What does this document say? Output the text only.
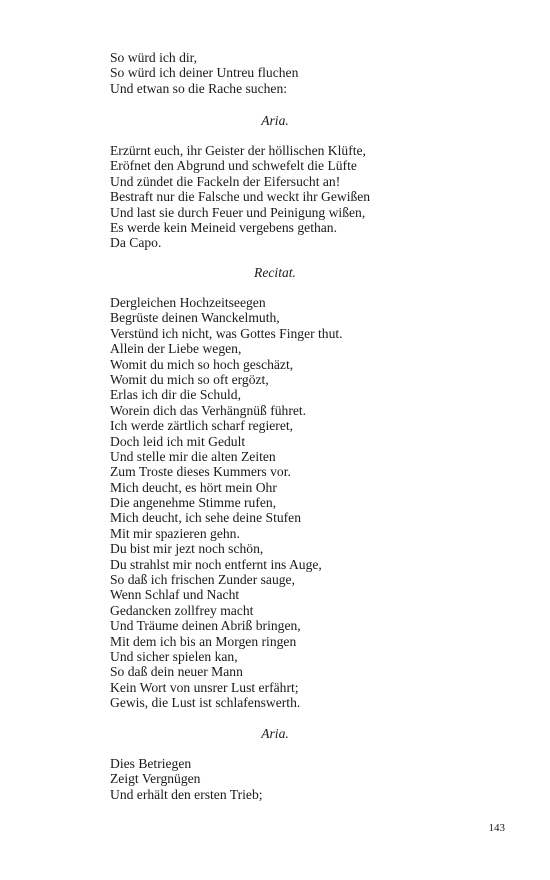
So würd ich dir,
So würd ich deiner Untreu fluchen
Und etwan so die Rache suchen:
Aria.
Erzürnt euch, ihr Geister der höllischen Klüfte,
Eröfnet den Abgrund und schwefelt die Lüfte
Und zündet die Fackeln der Eifersucht an!
Bestraft nur die Falsche und weckt ihr Gewißen
Und last sie durch Feuer und Peinigung wißen,
Es werde kein Meineid vergebens gethan.
Da Capo.
Recitat.
Dergleichen Hochzeitseegen
Begrüste deinen Wanckelmuth,
Verstünd ich nicht, was Gottes Finger thut.
Allein der Liebe wegen,
Womit du mich so hoch geschäzt,
Womit du mich so oft ergözt,
Erlas ich dir die Schuld,
Worein dich das Verhängnüß führet.
Ich werde zärtlich scharf regieret,
Doch leid ich mit Gedult
Und stelle mir die alten Zeiten
Zum Troste dieses Kummers vor.
Mich deucht, es hört mein Ohr
Die angenehme Stimme rufen,
Mich deucht, ich sehe deine Stufen
Mit mir spazieren gehn.
Du bist mir jezt noch schön,
Du strahlst mir noch entfernt ins Auge,
So daß ich frischen Zunder sauge,
Wenn Schlaf und Nacht
Gedancken zollfrey macht
Und Träume deinen Abriß bringen,
Mit dem ich bis an Morgen ringen
Und sicher spielen kan,
So daß dein neuer Mann
Kein Wort von unsrer Lust erfährt;
Gewis, die Lust ist schlafenswerth.
Aria.
Dies Betriegen
Zeigt Vergnügen
Und erhält den ersten Trieb;
143
